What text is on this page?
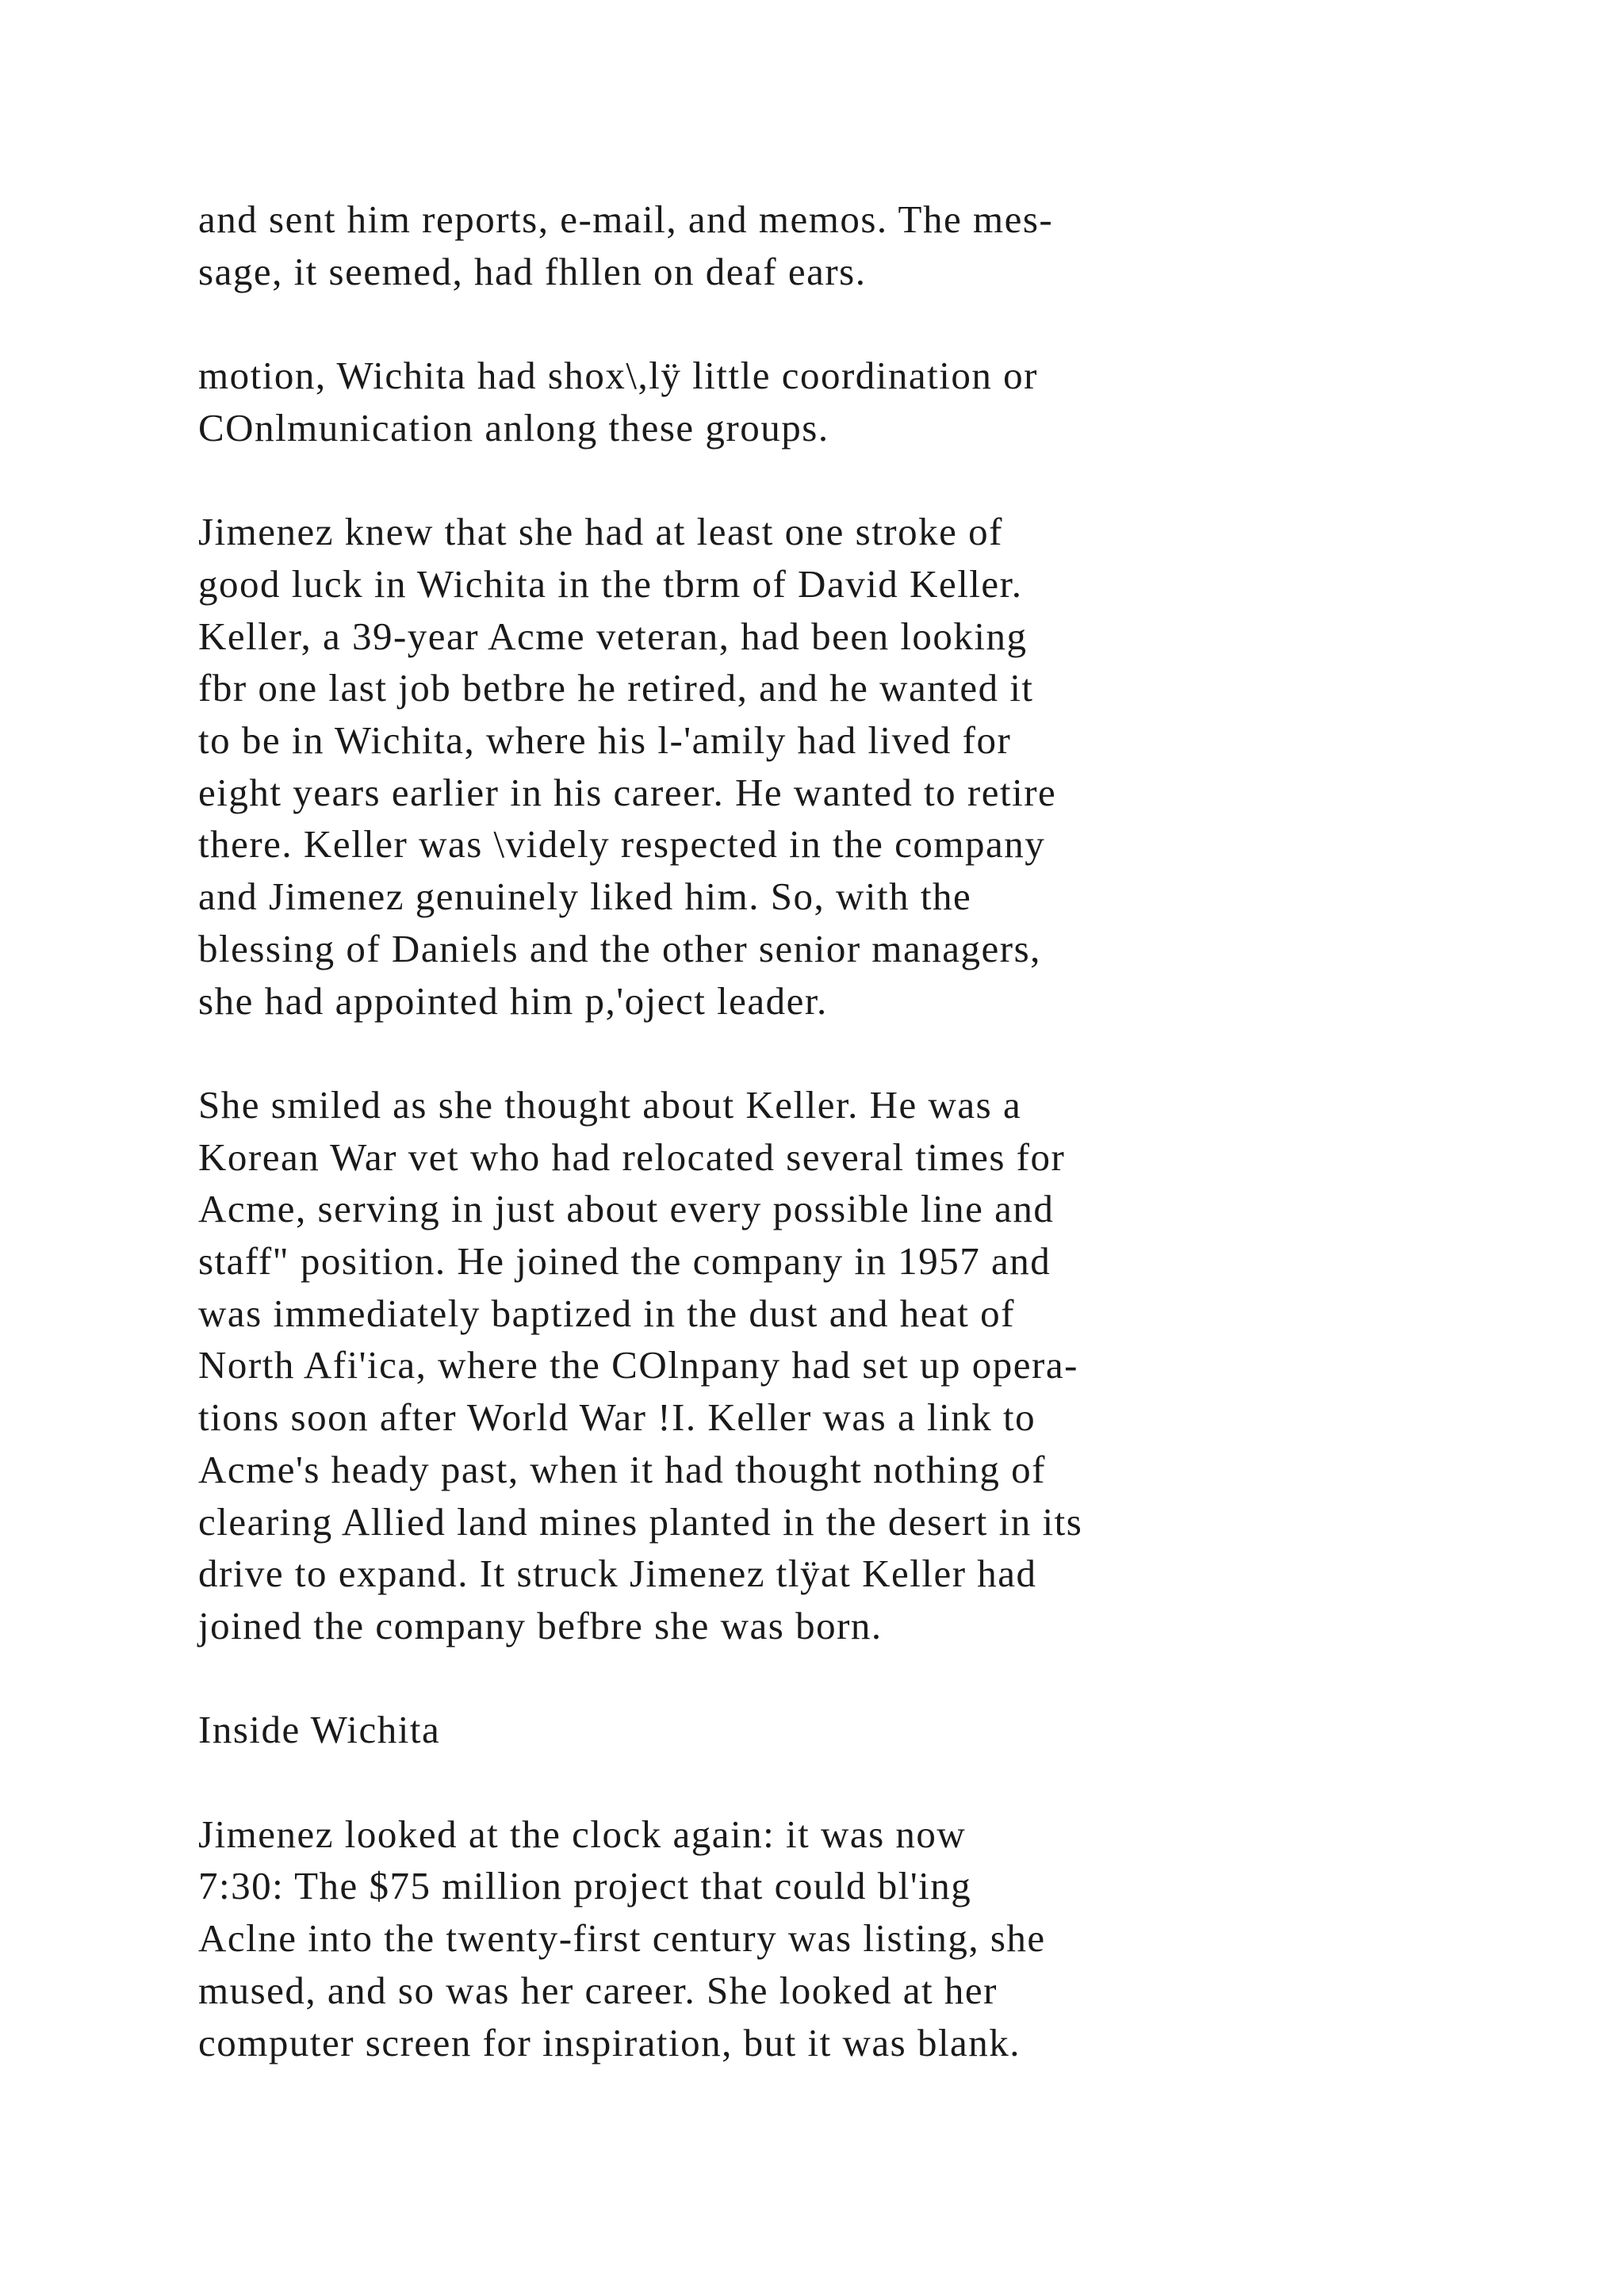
and sent him reports, e-mail, and memos. The mes-
sage, it seemed, had fhllen on deaf ears.

motion, Wichita had shox\,lÿ little coordination or
COnlmunication anlong these groups.

Jimenez knew that she had at least one stroke of
good luck in Wichita in the tbrm of David Keller.
Keller, a 39-year Acme veteran, had been looking
fbr one last job betbre he retired, and he wanted it
to be in Wichita, where his l-'amily had lived for
eight years earlier in his career. He wanted to retire
there. Keller was \videly respected in the company
and Jimenez genuinely liked him. So, with the
blessing of Daniels and the other senior managers,
she had appointed him p,'oject leader.

She smiled as she thought about Keller. He was a
Korean War vet who had relocated several times for
Acme, serving in just about every possible line and
staff" position. He joined the company in 1957 and
was immediately baptized in the dust and heat of
North Afi'ica, where the COlnpany had set up opera-
tions soon after World War !I. Keller was a link to
Acme's heady past, when it had thought nothing of
clearing Allied land mines planted in the desert in its
drive to expand. It struck Jimenez tlÿat Keller had
joined the company befbre she was born.

Inside Wichita

Jimenez looked at the clock again: it was now
7:30: The $75 million project that could bl'ing
Aclne into the twenty-first century was listing, she
mused, and so was her career. She looked at her
computer screen for inspiration, but it was blank.
